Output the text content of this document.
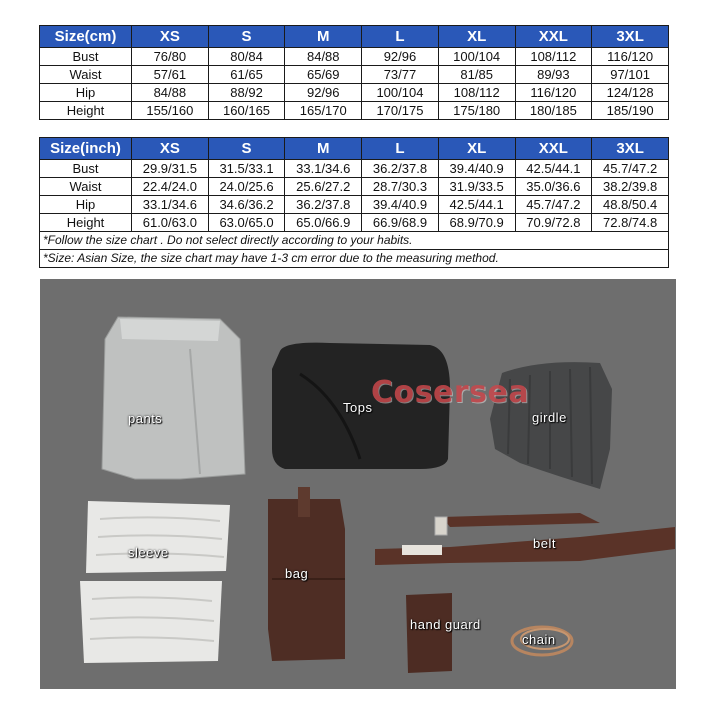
Size(cm)	XS	S	M	L	XL	XXL	3XL
Bust	76/80	80/84	84/88	92/96	100/104	108/112	116/120
Waist	57/61	61/65	65/69	73/77	81/85	89/93	97/101
Hip	84/88	88/92	92/96	100/104	108/112	116/120	124/128
Height	155/160	160/165	165/170	170/175	175/180	180/185	185/190
Size(inch)	XS	S	M	L	XL	XXL	3XL
Bust	29.9/31.5	31.5/33.1	33.1/34.6	36.2/37.8	39.4/40.9	42.5/44.1	45.7/47.2
Waist	22.4/24.0	24.0/25.6	25.6/27.2	28.7/30.3	31.9/33.5	35.0/36.6	38.2/39.8
Hip	33.1/34.6	34.6/36.2	36.2/37.8	39.4/40.9	42.5/44.1	45.7/47.2	48.8/50.4
Height	61.0/63.0	63.0/65.0	65.0/66.9	66.9/68.9	68.9/70.9	70.9/72.8	72.8/74.8
*Follow the size chart . Do not select directly according to your habits.							
*Size: Asian Size, the size chart may have 1-3 cm error due to the measuring method.							
pants
Tops
girdle
sleeve
bag
belt
hand guard
chain
Cosersea
